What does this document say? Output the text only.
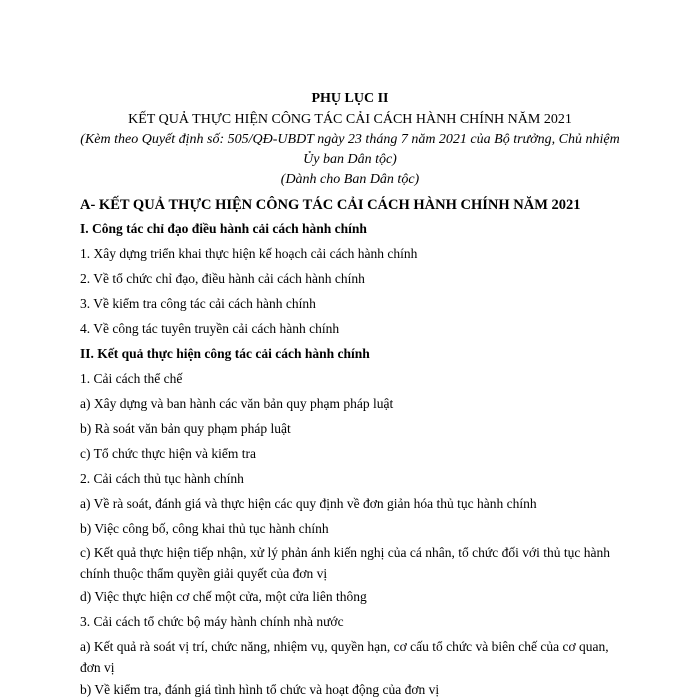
PHỤ LỤC II
KẾT QUẢ THỰC HIỆN CÔNG TÁC CẢI CÁCH HÀNH CHÍNH NĂM 2021
(Kèm theo Quyết định số: 505/QĐ-UBDT ngày 23 tháng 7 năm 2021 của Bộ trưởng, Chủ nhiệm
Ủy ban Dân tộc)
(Dành cho Ban Dân tộc)
A- KẾT QUẢ THỰC HIỆN CÔNG TÁC CẢI CÁCH HÀNH CHÍNH NĂM 2021
I. Công tác chỉ đạo điều hành cải cách hành chính
1. Xây dựng triển khai thực hiện kế hoạch cải cách hành chính
2. Về tổ chức chỉ đạo, điều hành cải cách hành chính
3. Về kiểm tra công tác cải cách hành chính
4. Về công tác tuyên truyền cải cách hành chính
II. Kết quả thực hiện công tác cải cách hành chính
1. Cải cách thể chế
a) Xây dựng và ban hành các văn bản quy phạm pháp luật
b) Rà soát văn bản quy phạm pháp luật
c) Tổ chức thực hiện và kiểm tra
2. Cải cách thủ tục hành chính
a) Về rà soát, đánh giá và thực hiện các quy định về đơn giản hóa thủ tục hành chính
b) Việc công bố, công khai thủ tục hành chính
c) Kết quả thực hiện tiếp nhận, xử lý phản ánh kiến nghị của cá nhân, tổ chức đối với thủ tục hành chính thuộc thẩm quyền giải quyết của đơn vị
d) Việc thực hiện cơ chế một cửa, một cửa liên thông
3. Cải cách tổ chức bộ máy hành chính nhà nước
a) Kết quả rà soát vị trí, chức năng, nhiệm vụ, quyền hạn, cơ cấu tổ chức và biên chế của cơ quan, đơn vị
b) Về kiểm tra, đánh giá tình hình tổ chức và hoạt động của đơn vị
